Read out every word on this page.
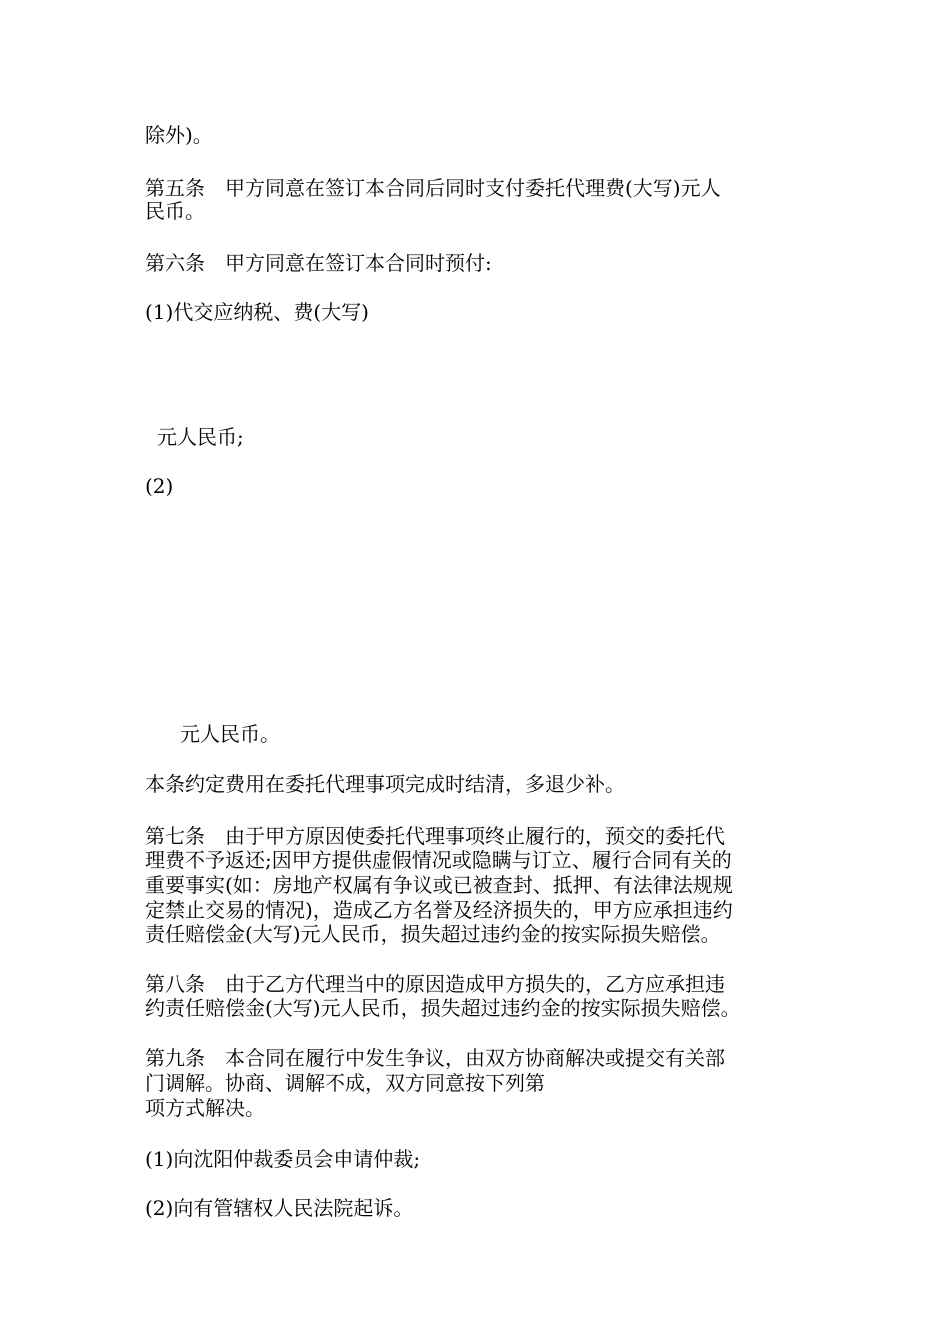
除外)。
第五条　甲方同意在签订本合同后同时支付委托代理费(大写)元人
民币。
第六条　甲方同意在签订本合同时预付:
(1)代交应纳税、费(大写)
元人民币;
(2)
元人民币。
本条约定费用在委托代理事项完成时结清，多退少补。
第七条　由于甲方原因使委托代理事项终止履行的，预交的委托代
理费不予返还;因甲方提供虚假情况或隐瞒与订立、履行合同有关的
重要事实(如：房地产权属有争议或已被查封、抵押、有法律法规规
定禁止交易的情况)，造成乙方名誉及经济损失的，甲方应承担违约
责任赔偿金(大写)元人民币，损失超过违约金的按实际损失赔偿。
第八条　由于乙方代理当中的原因造成甲方损失的，乙方应承担违
约责任赔偿金(大写)元人民币，损失超过违约金的按实际损失赔偿。
第九条　本合同在履行中发生争议，由双方协商解决或提交有关部
门调解。协商、调解不成，双方同意按下列第
项方式解决。
(1)向沈阳仲裁委员会申请仲裁;
(2)向有管辖权人民法院起诉。
